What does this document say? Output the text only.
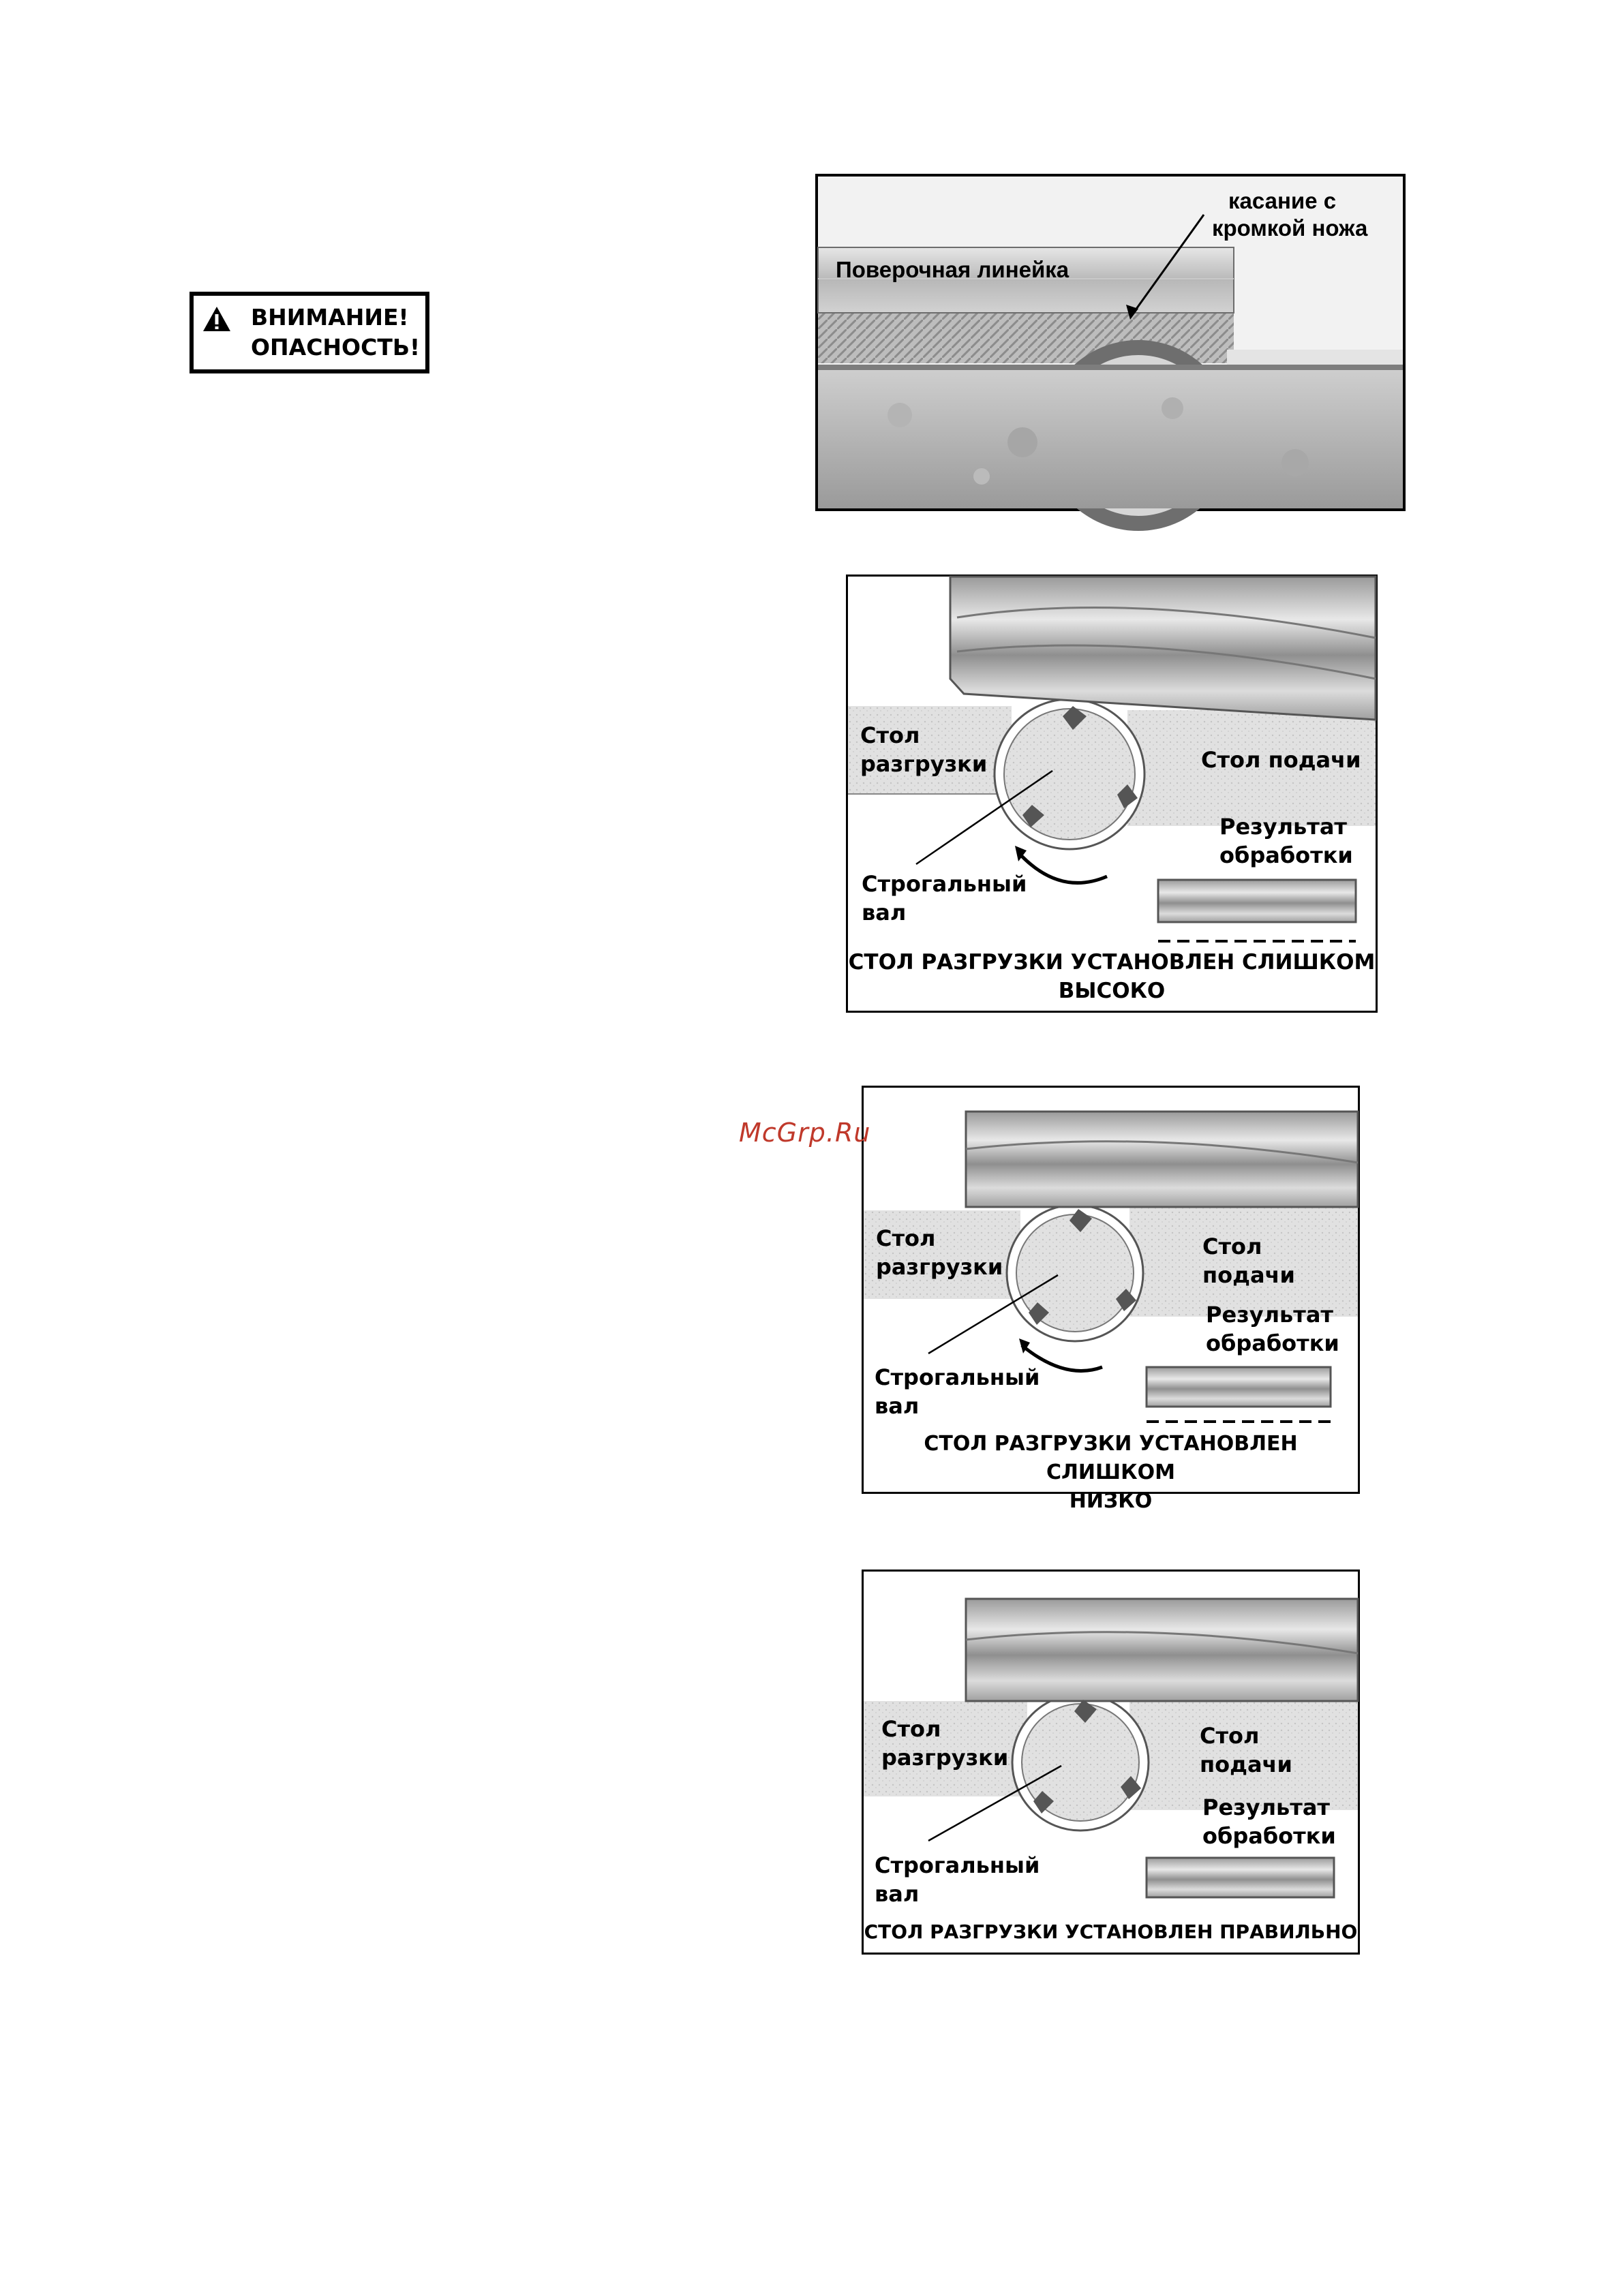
ВНИМАНИЕ!
ОПАСНОСТЬ!
Поверочная линейка
касание с
кромкой ножа
Стол
разгрузки	Стол подачи
Результат
обработки
Строгальный
вал
СТОЛ РАЗГРУЗКИ УСТАНОВЛЕН СЛИШКОМ
ВЫСОКО
Стол
разгрузки
Стол подачи
Результат
обработки
Строгальный
вал
СТОЛ РАЗГРУЗКИ УСТАНОВЛЕН СЛИШКОМ
НИЗКО
Стол
разгрузки
Стол подачи
Результат
обработки
Строгальный
вал
СТОЛ РАЗГРУЗКИ УСТАНОВЛЕН ПРАВИЛЬНО
McGrp.Ru
